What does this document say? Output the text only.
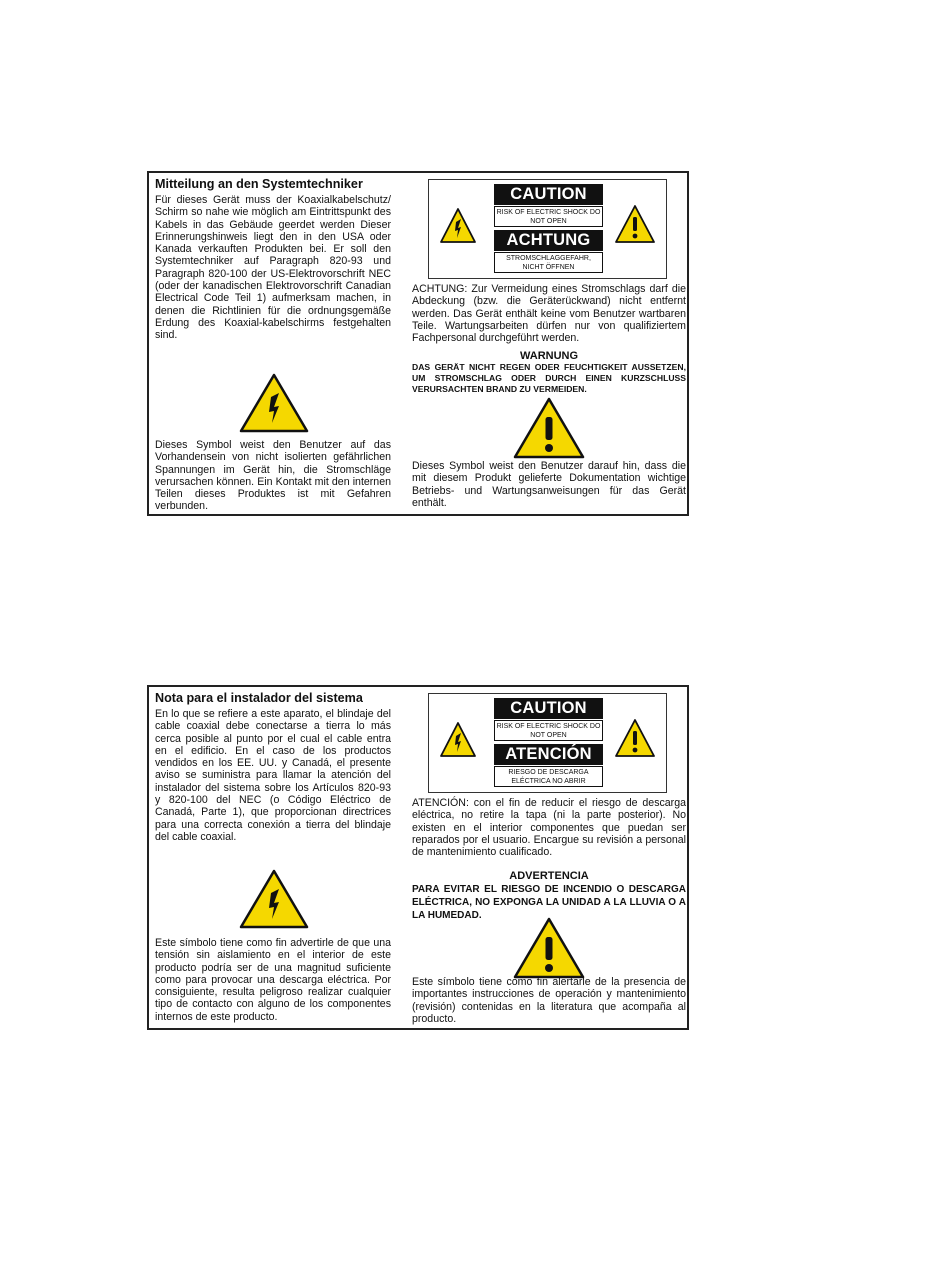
Mitteilung an den Systemtechniker
Für dieses Gerät muss der Koaxialkabelschutz/ Schirm so nahe wie möglich am Eintrittspunkt des Kabels in das Gebäude geerdet werden Dieser Erinnerungshinweis liegt den in den USA oder Kanada verkauften Produkten bei. Er soll den Systemtechniker auf Paragraph 820-93 und Paragraph 820-100 der US-Elektrovorschrift NEC (oder der kanadischen Elektrovorschrift Canadian Electrical Code Teil 1) aufmerksam machen, in denen die Richtlinien für die ordnungsgemäße Erdung des Koaxial-kabelschirms festgehalten sind.
Dieses Symbol weist den Benutzer auf das Vorhandensein von nicht isolierten gefährlichen Spannungen im Gerät hin, die Stromschläge verursachen können. Ein Kontakt mit den internen Teilen dieses Produktes ist mit Gefahren verbunden.
CAUTION
RISK OF ELECTRIC SHOCK DO NOT OPEN
ACHTUNG
STROMSCHLAGGEFAHR, NICHT ÖFFNEN
ACHTUNG: Zur Vermeidung eines Stromschlags darf die Abdeckung (bzw. die Geräterückwand) nicht entfernt werden. Das Gerät enthält keine vom Benutzer wartbaren Teile. Wartungsarbeiten dürfen nur von qualifiziertem Fachpersonal durchgeführt werden.
WARNUNG
DAS GERÄT NICHT REGEN ODER FEUCHTIGKEIT AUSSETZEN, UM STROMSCHLAG ODER DURCH EINEN KURZSCHLUSS VERURSACHTEN BRAND ZU VERMEIDEN.
Dieses Symbol weist den Benutzer darauf hin, dass die mit diesem Produkt gelieferte Dokumentation wichtige Betriebs- und Wartungsanweisungen für das Gerät enthält.
Nota para el instalador del sistema
En lo que se refiere a este aparato, el blindaje del cable coaxial debe conectarse a tierra lo más cerca posible al punto por el cual el cable entra en el edificio. En el caso de los productos vendidos en los EE. UU. y Canadá, el presente aviso se suministra para llamar la atención del instalador del sistema sobre los Artículos 820-93 y 820-100 del NEC (o Código Eléctrico de Canadá, Parte 1), que proporcionan directrices para una correcta conexión a tierra del blindaje del cable coaxial.
Este símbolo tiene como fin advertirle de que una tensión sin aislamiento en el interior de este producto podría ser de una magnitud suficiente como para provocar una descarga eléctrica. Por consiguiente, resulta peligroso realizar cualquier tipo de contacto con alguno de los componentes internos de este producto.
CAUTION
RISK OF ELECTRIC SHOCK DO NOT OPEN
ATENCIÓN
RIESGO DE DESCARGA ELÉCTRICA NO ABRIR
ATENCIÓN: con el fin de reducir el riesgo de descarga eléctrica, no retire la tapa (ni la parte posterior). No existen en el interior componentes que puedan ser reparados por el usuario. Encargue su revisión a personal de mantenimiento cualificado.
ADVERTENCIA
PARA EVITAR EL RIESGO DE INCENDIO O DESCARGA ELÉCTRICA, NO EXPONGA LA UNIDAD A LA LLUVIA O A LA HUMEDAD.
Este símbolo tiene como fin alertarle de la presencia de importantes instrucciones de operación y mantenimiento (revisión) contenidas en la literatura que acompaña al producto.
